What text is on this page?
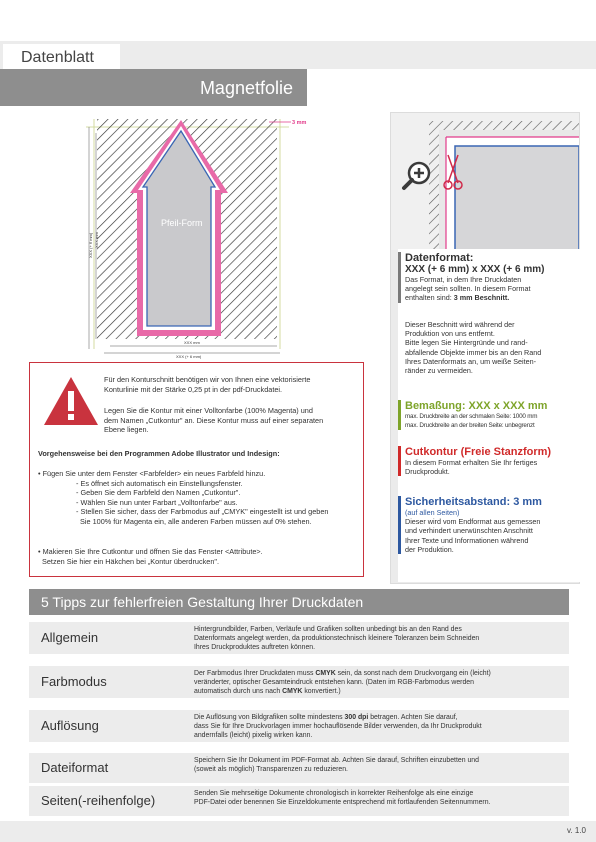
Datenblatt
Magnetfolie
Pfeil-Form
3 mm
XXX (+ 6 mm) XXX mm
XXX mm
XXX (+ 6 mm)
Datenformat:
XXX (+ 6 mm) x XXX (+ 6 mm)
Das Format, in dem Ihre Druckdaten
angelegt sein sollten. In diesem Format
enthalten sind: 3 mm Beschnitt.
Dieser Beschnitt wird während der
Produktion von uns entfernt.
Bitte legen Sie Hintergründe und rand-
abfallende Objekte immer bis an den Rand
Ihres Datenformats an, um weiße Seiten-
ränder zu vermeiden.
Bemaßung: XXX x XXX mm
max. Druckbreite an der schmalen Seite: 1000 mm
max. Druckbreite an der breiten Seite: unbegrenzt
Cutkontur (Freie Stanzform)
In diesem Format erhalten Sie Ihr fertiges
Druckprodukt.
Sicherheitsabstand: 3 mm
(auf allen Seiten)
Dieser wird vom Endformat aus gemessen
und verhindert unerwünschten Anschnitt
Ihrer Texte und Informationen während
der Produktion.
Für den Konturschnitt benötigen wir von Ihnen eine vektorisierte
Konturlinie mit der Stärke 0,25 pt in der pdf-Druckdatei.
Legen Sie die Kontur mit einer Volltonfarbe (100% Magenta) und
dem Namen „Cutkontur" an. Diese Kontur muss auf einer separaten
Ebene liegen.
Vorgehensweise bei den Programmen Adobe Illustrator und Indesign:
• Fügen Sie unter dem Fenster <Farbfelder> ein neues Farbfeld hinzu.
- Es öffnet sich automatisch ein Einstellungsfenster.
- Geben Sie dem Farbfeld den Namen „Cutkontur".
- Wählen Sie nun unter Farbart „Volltonfarbe" aus.
- Stellen Sie sicher, dass der Farbmodus auf „CMYK" eingestellt ist und geben
Sie 100% für Magenta ein, alle anderen Farben müssen auf 0% stehen.
• Makieren Sie Ihre Cutkontur und öffnen Sie das Fenster <Attribute>.
Setzen Sie hier ein Häkchen bei „Kontur überdrucken".
5 Tipps zur fehlerfreien Gestaltung Ihrer Druckdaten
Allgemein
Hintergrundbilder, Farben, Verläufe und Grafiken sollten unbedingt bis an den Rand des
Datenformats angelegt werden, da produktionstechnisch kleinere Toleranzen beim Schneiden
Ihres Druckproduktes auftreten können.
Farbmodus
Der Farbmodus Ihrer Druckdaten muss CMYK sein, da sonst nach dem Druckvorgang ein (leicht)
veränderter, optischer Gesamteindruck entstehen kann. (Daten im RGB-Farbmodus werden
automatisch durch uns nach CMYK konvertiert.)
Auflösung
Die Auflösung von Bildgrafiken sollte mindestens 300 dpi betragen. Achten Sie darauf,
dass Sie für Ihre Druckvorlagen immer hochauflösende Bilder verwenden, da Ihr Druckprodukt
andernfalls (leicht) pixelig wirken kann.
Dateiformat	Speichern Sie Ihr Dokument im PDF-Format ab. Achten Sie darauf, Schriften einzubetten und
(soweit als möglich) Transparenzen zu reduzieren.
Seiten(-reihenfolge)	Senden Sie mehrseitige Dokumente chronologisch in korrekter Reihenfolge als eine einzige
PDF-Datei oder benennen Sie Einzeldokumente entsprechend mit fortlaufenden Seitennummern.
v. 1.0
